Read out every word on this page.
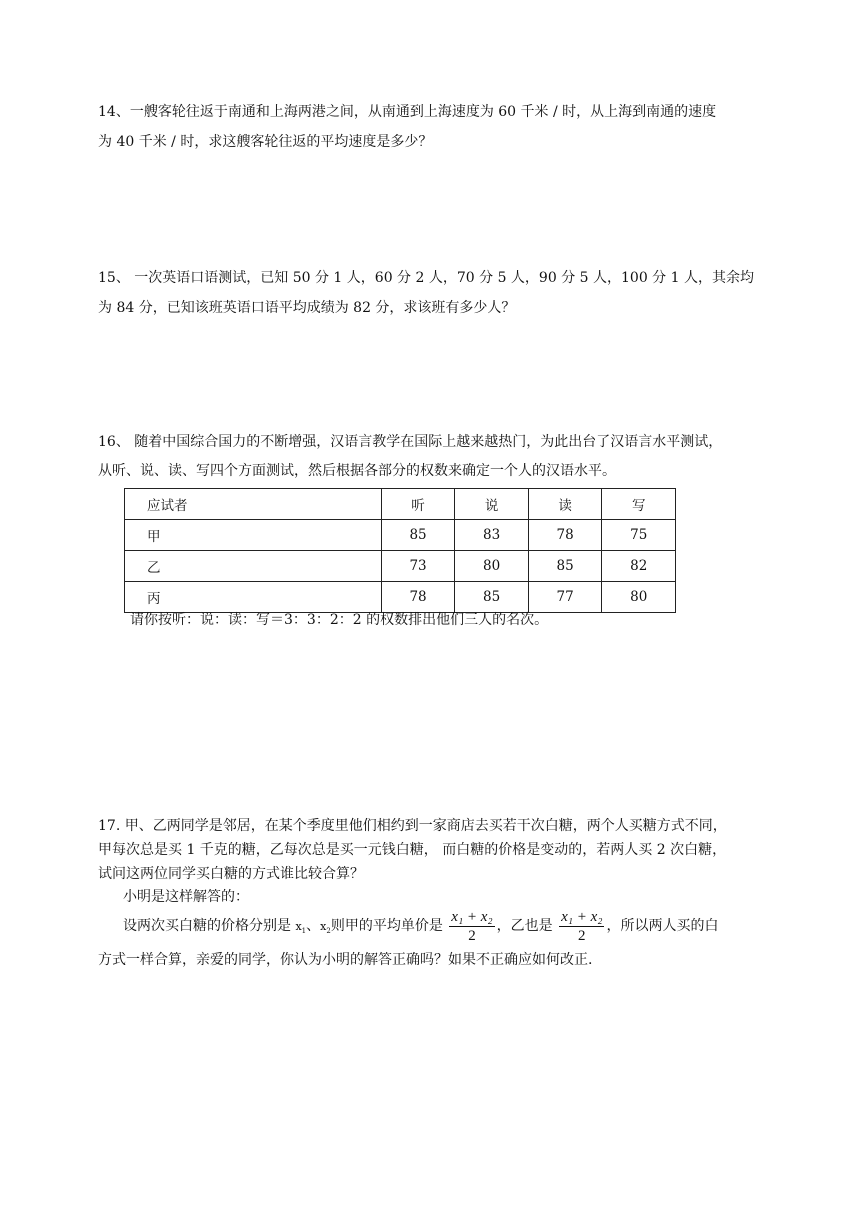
14、一艘客轮往返于南通和上海两港之间，从南通到上海速度为 60 千米 / 时，从上海到南通的速度
为 40 千米 / 时，求这艘客轮往返的平均速度是多少？
15、 一次英语口语测试，已知 50 分 1 人，60 分 2 人，70 分 5 人，90 分 5 人，100 分 1 人，其余均
为 84 分，已知该班英语口语平均成绩为 82 分，求该班有多少人？
16、 随着中国综合国力的不断增强，汉语言教学在国际上越来越热门，为此出台了汉语言水平测试，
从听、说、读、写四个方面测试，然后根据各部分的权数来确定一个人的汉语水平。
应试者	听	说	读	写
甲	85	83	78	75
乙	73	80	85	82
丙	78	85	77	80
请你按听：说：读：写＝3：3：2：2 的权数排出他们三人的名次。
17. 甲、乙两同学是邻居，在某个季度里他们相约到一家商店去买若干次白糖，两个人买糖方式不同，
甲每次总是买 1 千克的糖，乙每次总是买一元钱白糖， 而白糖的价格是变动的，若两人买 2 次白糖，
试问这两位同学买白糖的方式谁比较合算？
小明是这样解答的：
设两次买白糖的价格分别是 $x_1$、$x_2$则甲的平均单价是 $\frac{\text{x₁ + x₂}}{2}$ ，乙也是 $\frac{\text{x₁ + x₂}}{2}$ ，所以两人买的白
方式一样合算，亲爱的同学，你认为小明的解答正确吗？如果不正确应如何改正.
